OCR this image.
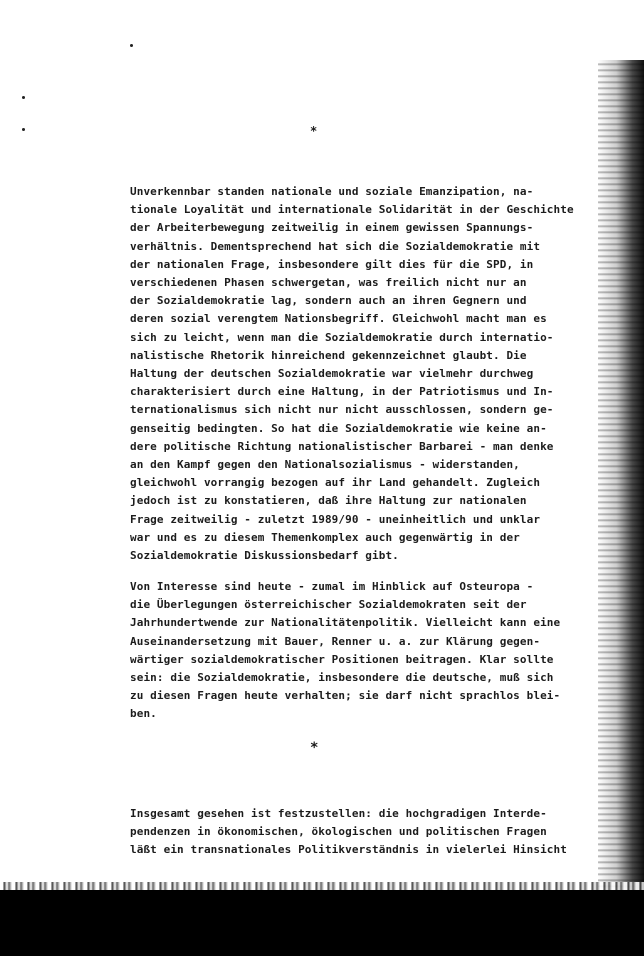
*
Unverkennbar standen nationale und soziale Emanzipation, na-
tionale Loyalität und internationale Solidarität in der Geschichte
der Arbeiterbewegung zeitweilig in einem gewissen Spannungs-
verhältnis. Dementsprechend hat sich die Sozialdemokratie mit
der nationalen Frage, insbesondere gilt dies für die SPD, in
verschiedenen Phasen schwergetan, was freilich nicht nur an
der Sozialdemokratie lag, sondern auch an ihren Gegnern und
deren sozial verengtem Nationsbegriff. Gleichwohl macht man es
sich zu leicht, wenn man die Sozialdemokratie durch internatio-
nalistische Rhetorik hinreichend gekennzeichnet glaubt. Die
Haltung der deutschen Sozialdemokratie war vielmehr durchweg
charakterisiert durch eine Haltung, in der Patriotismus und In-
ternationalismus sich nicht nur nicht ausschlossen, sondern ge-
genseitig bedingten. So hat die Sozialdemokratie wie keine an-
dere politische Richtung nationalistischer Barbarei - man denke
an den Kampf gegen den Nationalsozialismus - widerstanden,
gleichwohl vorrangig bezogen auf ihr Land gehandelt. Zugleich
jedoch ist zu konstatieren, daß ihre Haltung zur nationalen
Frage zeitweilig - zuletzt 1989/90 - uneinheitlich und unklar
war und es zu diesem Themenkomplex auch gegenwärtig in der
Sozialdemokratie Diskussionsbedarf gibt.
Von Interesse sind heute - zumal im Hinblick auf Osteuropa -
die Überlegungen österreichischer Sozialdemokraten seit der
Jahrhundertwende zur Nationalitätenpolitik. Vielleicht kann eine
Auseinandersetzung mit Bauer, Renner u. a. zur Klärung gegen-
wärtiger sozialdemokratischer Positionen beitragen. Klar sollte
sein: die Sozialdemokratie, insbesondere die deutsche, muß sich
zu diesen Fragen heute verhalten; sie darf nicht sprachlos blei-
ben.
*
Insgesamt gesehen ist festzustellen: die hochgradigen Interde-
pendenzen in ökonomischen, ökologischen und politischen Fragen
läßt ein transnationales Politikverständnis in vielerlei Hinsicht
